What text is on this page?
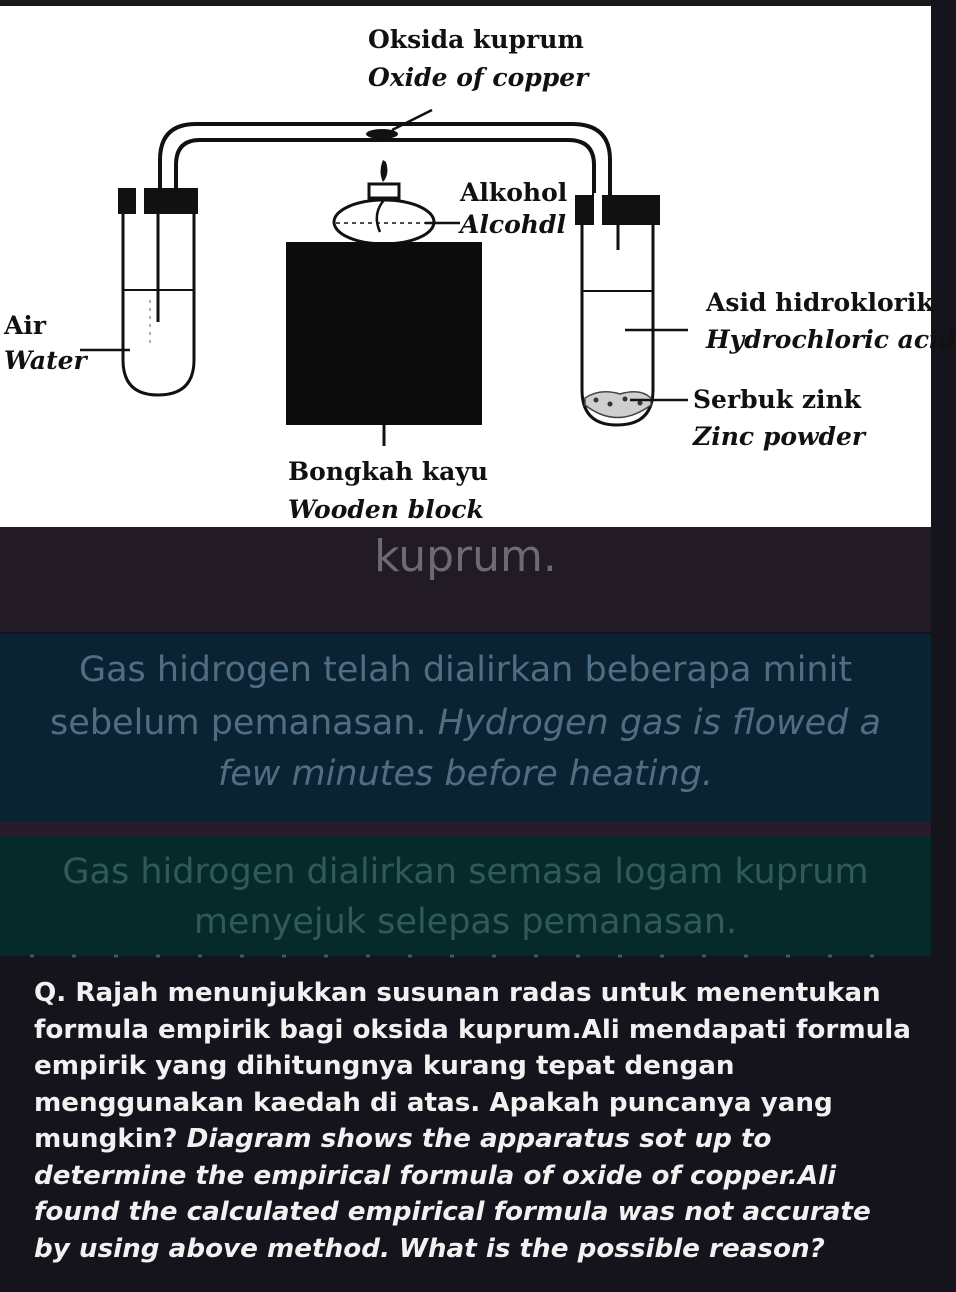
Oksida kuprum
Oxide of copper
Alkohol
Alcohdl
Asid hidroklorik
Hydrochloric acid
Air
Water
Serbuk zink
Zinc powder
Bongkah kayu
Wooden block
kuprum.
Gas hidrogen telah dialirkan beberapa minit
sebelum pemanasan. Hydrogen gas is flowed a
few minutes before heating.
Gas hidrogen dialirkan semasa logam kuprum
menyejuk selepas pemanasan.
Q. Rajah menunjukkan susunan radas untuk menentukan
formula empirik bagi oksida kuprum.Ali mendapati formula
empirik yang dihitungnya kurang tepat dengan
menggunakan kaedah di atas. Apakah puncanya yang
mungkin? Diagram shows the apparatus sot up to
determine the empirical formula of oxide of copper.Ali
found the calculated empirical formula was not accurate
by using above method. What is the possible reason?
